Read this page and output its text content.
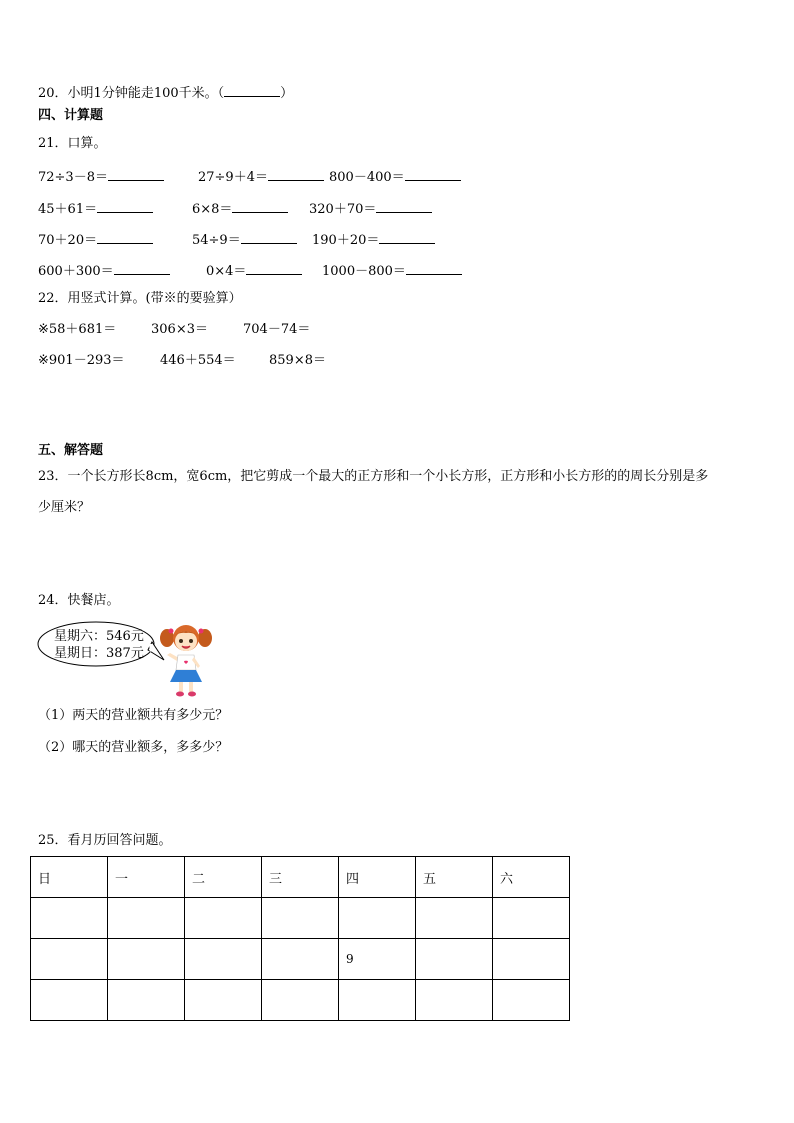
20．小明1分钟能走100千米。（	）
四、计算题
21．口算。
72÷3－8＝	27÷9＋4＝	800－400＝
45＋61＝	6×8＝	320＋70＝
70＋20＝	54÷9＝	190＋20＝
600＋300＝	0×4＝	1000－800＝
22．用竖式计算。(带※的要验算）
※58＋681＝	306×3＝	704－74＝
※901－293＝	446＋554＝	859×8＝
五、解答题
23．一个长方形长8cm，宽6cm，把它剪成一个最大的正方形和一个小长方形，正方形和小长方形的的周长分别是多
少厘米？
24．快餐店。
星期六：546元
星期日：387元
（1）两天的营业额共有多少元？
（2）哪天的营业额多，多多少？
25．看月历回答问题。
日	一	二	三	四	五	六

				9		
